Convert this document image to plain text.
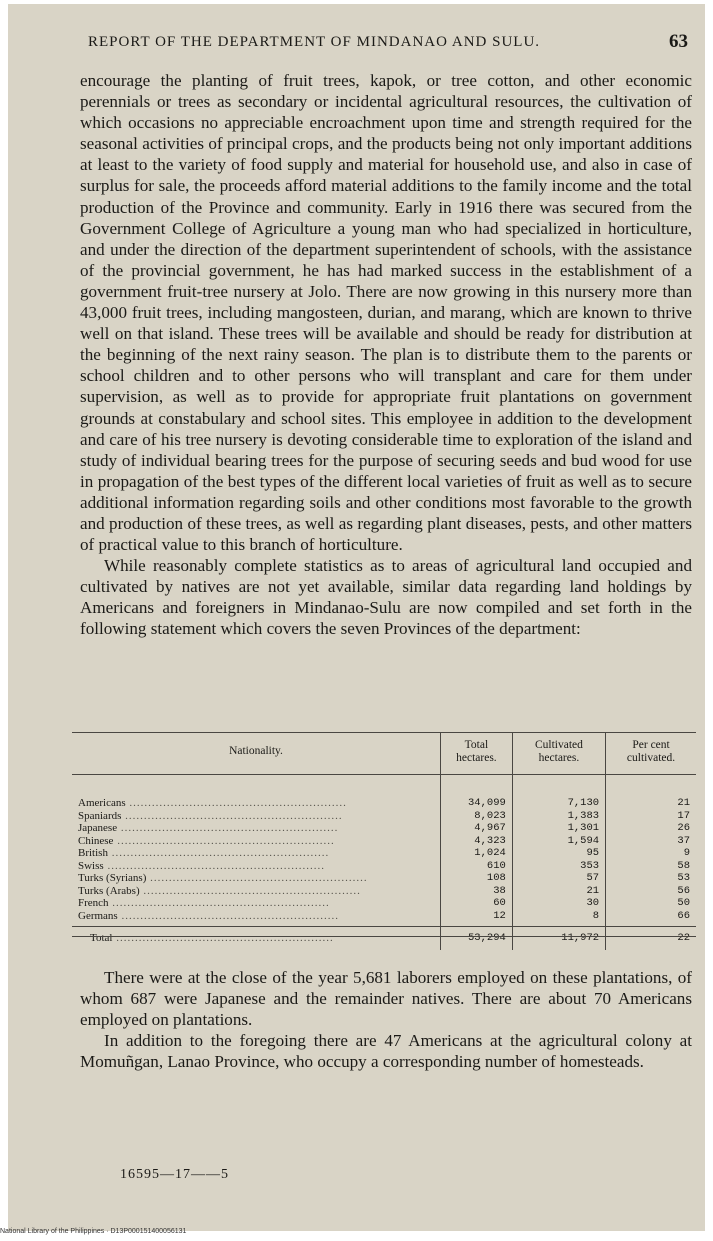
REPORT OF THE DEPARTMENT OF MINDANAO AND SULU.	63

encourage the planting of fruit trees, kapok, or tree cotton, and other economic perennials or trees as secondary or incidental agricultural resources, the cultivation of which occasions no appreciable encroachment upon time and strength required for the seasonal activities of principal crops, and the products being not only important additions at least to the variety of food supply and material for household use, and also in case of surplus for sale, the proceeds afford material additions to the family income and the total production of the Province and community. Early in 1916 there was secured from the Government College of Agriculture a young man who had specialized in horticulture, and under the direction of the department superintendent of schools, with the assistance of the provincial government, he has had marked success in the establishment of a government fruit-tree nursery at Jolo. There are now growing in this nursery more than 43,000 fruit trees, including mangosteen, durian, and marang, which are known to thrive well on that island. These trees will be available and should be ready for distribution at the beginning of the next rainy season. The plan is to distribute them to the parents or school children and to other persons who will transplant and care for them under supervision, as well as to provide for appropriate fruit plantations on government grounds at constabulary and school sites. This employee in addition to the development and care of his tree nursery is devoting considerable time to exploration of the island and study of individual bearing trees for the purpose of securing seeds and bud wood for use in propagation of the best types of the different local varieties of fruit as well as to secure additional information regarding soils and other conditions most favorable to the growth and production of these trees, as well as regarding plant diseases, pests, and other matters of practical value to this branch of horticulture.

While reasonably complete statistics as to areas of agricultural land occupied and cultivated by natives are not yet available, similar data regarding land holdings by Americans and foreigners in Mindanao-Sulu are now compiled and set forth in the following statement which covers the seven Provinces of the department:

Nationality.	Total hectares.	Cultivated hectares.	Per cent cultivated.
Americans ..........................................................	34,099	7,130	21
Spaniards ..........................................................	8,023	1,383	17
Japanese ..........................................................	4,967	1,301	26
Chinese ..........................................................	4,323	1,594	37
British ..........................................................	1,024	95	9
Swiss ..........................................................	610	353	58
Turks (Syrians) ..........................................................	108	57	53
Turks (Arabs) ..........................................................	38	21	56
French ..........................................................	60	30	50
Germans ..........................................................	12	8	66
Total ..........................................................	53,294	11,972	22

There were at the close of the year 5,681 laborers employed on these plantations, of whom 687 were Japanese and the remainder natives. There are about 70 Americans employed on plantations.

In addition to the foregoing there are 47 Americans at the agricultural colony at Momuñgan, Lanao Province, who occupy a corresponding number of homesteads.

16595—17——5
National Library of the Philippines · D13P000151400056131
